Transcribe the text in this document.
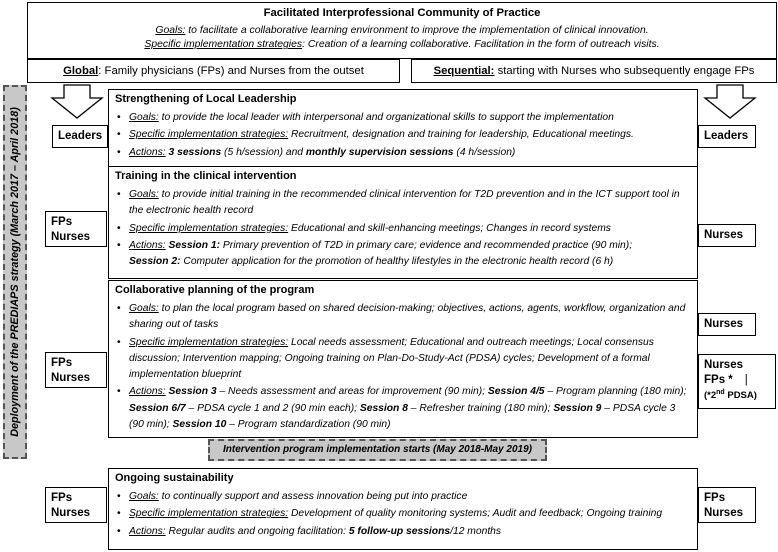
Facilitated Interprofessional Community of Practice
Goals: to facilitate a collaborative learning environment to improve the implementation of clinical innovation.
Specific implementation strategies: Creation of a learning collaborative. Facilitation in the form of outreach visits.
Global: Family physicians (FPs) and Nurses from the outset	Sequential: starting with Nurses who subsequently engage FPs
Deployment of the PREDIAPS strategy (March 2017 – April 2018)	Leaders
FPs
Nurses
FPs
Nurses
FPs
Nurses
Leaders
Nurses
Nurses
Nurses
FPs * |
(*2nd PDSA)
FPs
Nurses
Strengthening of Local Leadership
• Goals: to provide the local leader with interpersonal and organizational skills to support the implementation
• Specific implementation strategies: Recruitment, designation and training for leadership, Educational meetings.
• Actions: 3 sessions (5 h/session) and monthly supervision sessions (4 h/session)
Training in the clinical intervention
• Goals: to provide initial training in the recommended clinical intervention for T2D prevention and in the ICT support tool in the electronic health record
• Specific implementation strategies: Educational and skill-enhancing meetings; Changes in record systems
• Actions: Session 1: Primary prevention of T2D in primary care; evidence and recommended practice (90 min);
Session 2: Computer application for the promotion of healthy lifestyles in the electronic health record (6 h)
Collaborative planning of the program
• Goals: to plan the local program based on shared decision-making; objectives, actions, agents, workflow, organization and sharing out of tasks
• Specific implementation strategies: Local needs assessment; Educational and outreach meetings; Local consensus discussion; Intervention mapping; Ongoing training on Plan-Do-Study-Act (PDSA) cycles; Development of a formal implementation blueprint
• Actions: Session 3 – Needs assessment and areas for improvement (90 min); Session 4/5 – Program planning (180 min); Session 6/7 – PDSA cycle 1 and 2 (90 min each); Session 8 – Refresher training (180 min); Session 9 – PDSA cycle 3 (90 min); Session 10 – Program standardization (90 min)
Intervention program implementation starts (May 2018-May 2019)
Ongoing sustainability
• Goals: to continually support and assess innovation being put into practice
• Specific implementation strategies: Development of quality monitoring systems; Audit and feedback; Ongoing training
• Actions: Regular audits and ongoing facilitation: 5 follow-up sessions/12 months
